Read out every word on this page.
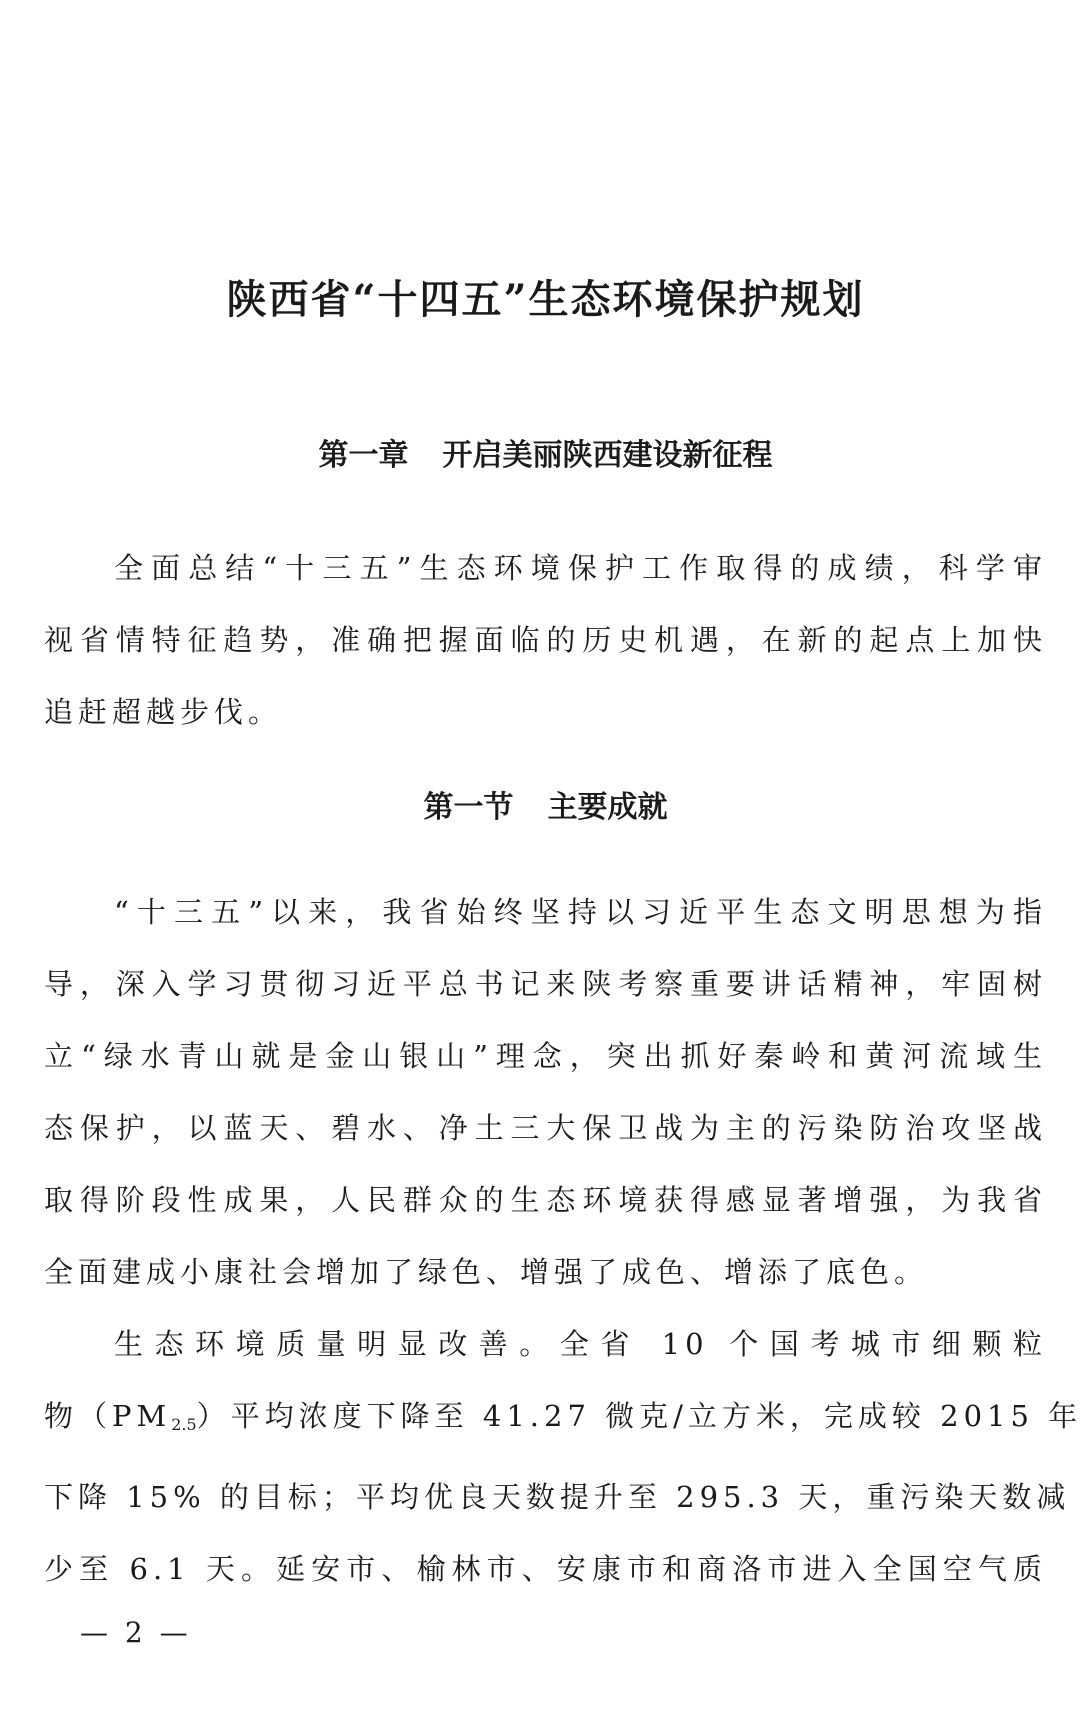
陕西省“十四五”生态环境保护规划
第一章 开启美丽陕西建设新征程
全面总结“十三五”生态环境保护工作取得的成绩，科学审
视省情特征趋势，准确把握面临的历史机遇，在新的起点上加快
追赶超越步伐。
第一节 主要成就
“十三五”以来，我省始终坚持以习近平生态文明思想为指
导，深入学习贯彻习近平总书记来陕考察重要讲话精神，牢固树
立“绿水青山就是金山银山”理念，突出抓好秦岭和黄河流域生
态保护，以蓝天、碧水、净土三大保卫战为主的污染防治攻坚战
取得阶段性成果，人民群众的生态环境获得感显著增强，为我省
全面建成小康社会增加了绿色、增强了成色、增添了底色。
生态环境质量明显改善。全省 10 个国考城市细颗粒
物$(PM_{2.5})$平均浓度下降至 41.27 微克/立方米，完成较 2015 年
下降 15% 的目标；平均优良天数提升至 295.3 天，重污染天数减
少至 6.1 天。延安市、榆林市、安康市和商洛市进入全国空气质
— 2 —
